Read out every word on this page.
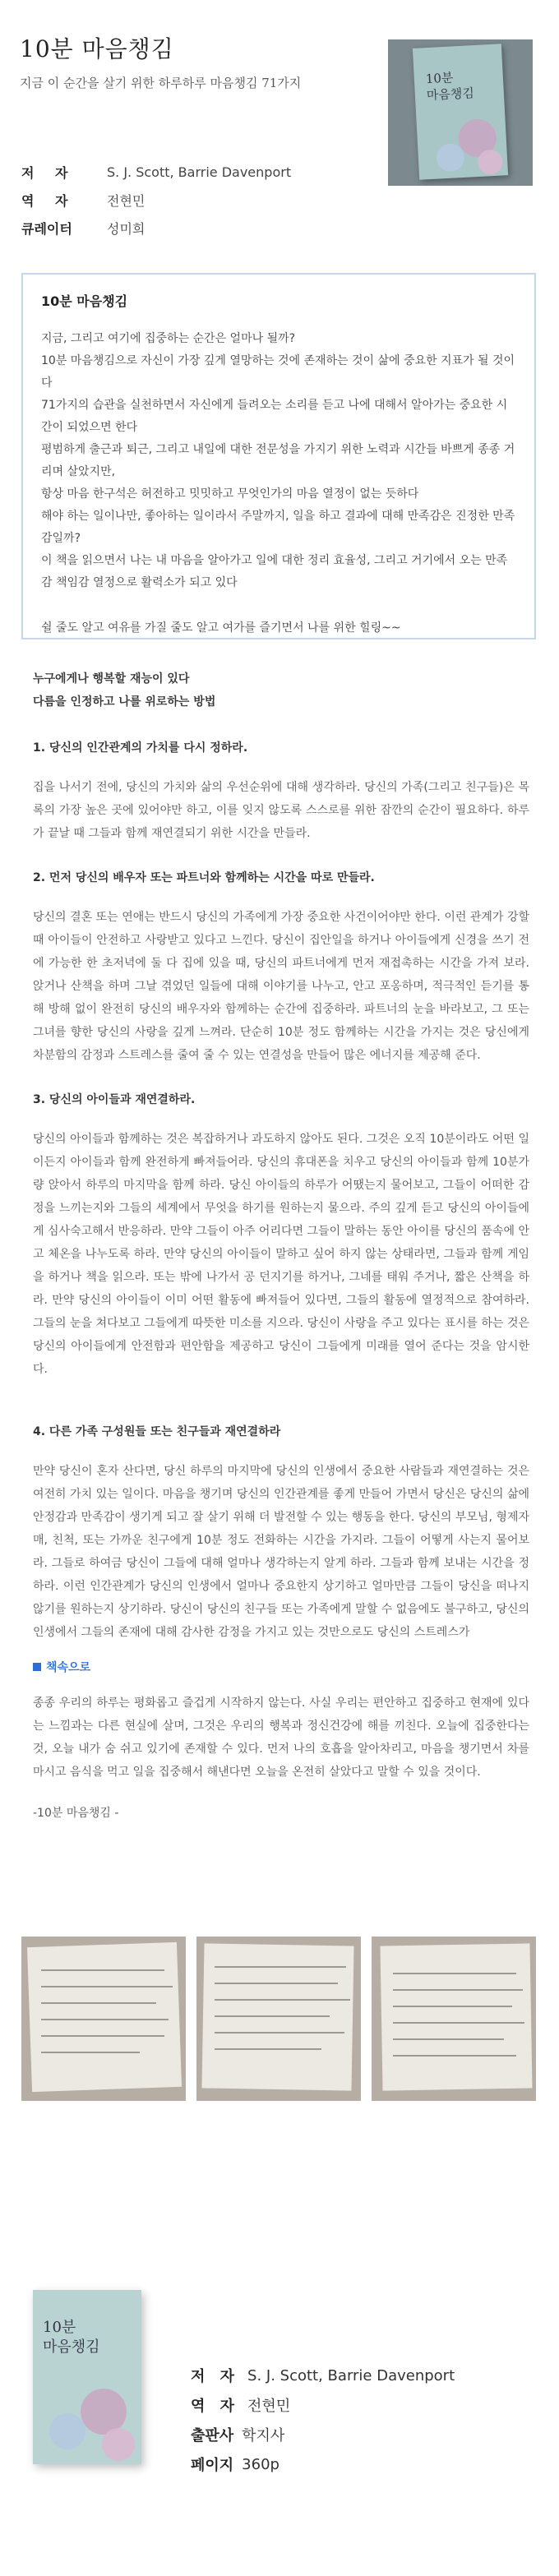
10분 마음챙김
지금 이 순간을 살기 위한 하루하루 마음챙김 71가지	10분
마음챙김
저 자	S. J. Scott, Barrie Davenport
역 자	전현민
큐레이터	성미희
10분 마음챙김

지금, 그리고 여기에 집중하는 순간은 얼마나 될까?

10분 마음챙김으로 자신이 가장 깊게 열망하는 것에 존재하는 것이 삶에 중요한 지표가 될 것이다

71가지의 습관을 실천하면서 자신에게 들려오는 소리를 듣고 나에 대해서 알아가는 중요한 시간이 되었으면 한다

평범하게 출근과 퇴근, 그리고 내일에 대한 전문성을 가지기 위한 노력과 시간들 바쁘게 종종 거리며 살았지만,

항상 마음 한구석은 허전하고 밋밋하고 무엇인가의 마음 열정이 없는 듯하다

해야 하는 일이나만, 좋아하는 일이라서 주말까지, 일을 하고 결과에 대해 만족감은 진정한 만족감일까?

이 책을 읽으면서 나는 내 마음을 알아가고 일에 대한 정리 효율성, 그리고 거기에서 오는 만족감 책임감 열정으로 활력소가 되고 있다

쉴 줄도 알고 여유를 가질 줄도 알고 여가를 즐기면서 나를 위한 힐링~~

누구에게나 행복할 재능이 있다
다름을 인정하고 나를 위로하는 방법
1. 당신의 인간관계의 가치를 다시 정하라.
집을 나서기 전에, 당신의 가치와 삶의 우선순위에 대해 생각하라. 당신의 가족(그리고 친구들)은 목록의 가장 높은 곳에 있어야만 하고, 이를 잊지 않도록 스스로를 위한 잠깐의 순간이 필요하다. 하루가 끝날 때 그들과 함께 재연결되기 위한 시간을 만들라.
2. 먼저 당신의 배우자 또는 파트너와 함께하는 시간을 따로 만들라.
당신의 결혼 또는 연애는 반드시 당신의 가족에게 가장 중요한 사건이어야만 한다. 이런 관계가 강할 때 아이들이 안전하고 사랑받고 있다고 느낀다. 당신이 집안일을 하거나 아이들에게 신경을 쓰기 전에 가능한 한 초저녁에 둘 다 집에 있을 때, 당신의 파트너에게 먼저 재접촉하는 시간을 가져 보라. 앉거나 산책을 하며 그날 겪었던 일들에 대해 이야기를 나누고, 안고 포옹하며, 적극적인 듣기를 통해 방해 없이 완전히 당신의 배우자와 함께하는 순간에 집중하라. 파트너의 눈을 바라보고, 그 또는 그녀를 향한 당신의 사랑을 깊게 느껴라. 단순히 10분 정도 함께하는 시간을 가지는 것은 당신에게 차분함의 감정과 스트레스를 줄여 줄 수 있는 연결성을 만들어 많은 에너지를 제공해 준다.
3. 당신의 아이들과 재연결하라.
당신의 아이들과 함께하는 것은 복잡하거나 과도하지 않아도 된다. 그것은 오직 10분이라도 어떤 일이든지 아이들과 함께 완전하게 빠져들어라. 당신의 휴대폰을 치우고 당신의 아이들과 함께 10분가량 앉아서 하루의 마지막을 함께 하라. 당신 아이들의 하루가 어땠는지 물어보고, 그들이 어떠한 감정을 느끼는지와 그들의 세계에서 무엇을 하기를 원하는지 물으라. 주의 깊게 듣고 당신의 아이들에게 심사숙고해서 반응하라. 만약 그들이 아주 어리다면 그들이 말하는 동안 아이를 당신의 품속에 안고 체온을 나누도록 하라. 만약 당신의 아이들이 말하고 싶어 하지 않는 상태라면, 그들과 함께 게임을 하거나 책을 읽으라. 또는 밖에 나가서 공 던지기를 하거나, 그네를 태워 주거나, 짧은 산책을 하라. 만약 당신의 아이들이 이미 어떤 활동에 빠져들어 있다면, 그들의 활동에 열정적으로 참여하라. 그들의 눈을 쳐다보고 그들에게 따뜻한 미소를 지으라. 당신이 사랑을 주고 있다는 표시를 하는 것은 당신의 아이들에게 안전함과 편안함을 제공하고 당신이 그들에게 미래를 열어 준다는 것을 암시한다.
4. 다른 가족 구성원들 또는 친구들과 재연결하라
만약 당신이 혼자 산다면, 당신 하루의 마지막에 당신의 인생에서 중요한 사람들과 재연결하는 것은 여전히 가치 있는 일이다. 마음을 챙기며 당신의 인간관계를 좋게 만들어 가면서 당신은 당신의 삶에 안정감과 만족감이 생기게 되고 잘 살기 위해 더 발전할 수 있는 행동을 한다. 당신의 부모님, 형제자매, 친척, 또는 가까운 친구에게 10분 정도 전화하는 시간을 가지라. 그들이 어떻게 사는지 물어보라. 그들로 하여금 당신이 그들에 대해 얼마나 생각하는지 알게 하라. 그들과 함께 보내는 시간을 정하라. 이런 인간관계가 당신의 인생에서 얼마나 중요한지 상기하고 얼마만큼 그들이 당신을 떠나지 않기를 원하는지 상기하라. 당신이 당신의 친구들 또는 가족에게 말할 수 없음에도 불구하고, 당신의 인생에서 그들의 존재에 대해 감사한 감정을 가지고 있는 것만으로도 당신의 스트레스가
책속으로
종종 우리의 하루는 평화롭고 즐겁게 시작하지 않는다. 사실 우리는 편안하고 집중하고 현재에 있다는 느낌과는 다른 현실에 살며, 그것은 우리의 행복과 정신건강에 해를 끼친다. 오늘에 집중한다는 것, 오늘 내가 숨 쉬고 있기에 존재할 수 있다. 먼저 나의 호흡을 알아차리고, 마음을 챙기면서 차를 마시고 음식을 먹고 일을 집중해서 해낸다면 오늘을 온전히 살았다고 말할 수 있을 것이다.
-10분 마음챙김 -
10분
마음챙김
저 자 S. J. Scott, Barrie Davenport
역 자 전현민
출판사 학지사
페이지 360p
